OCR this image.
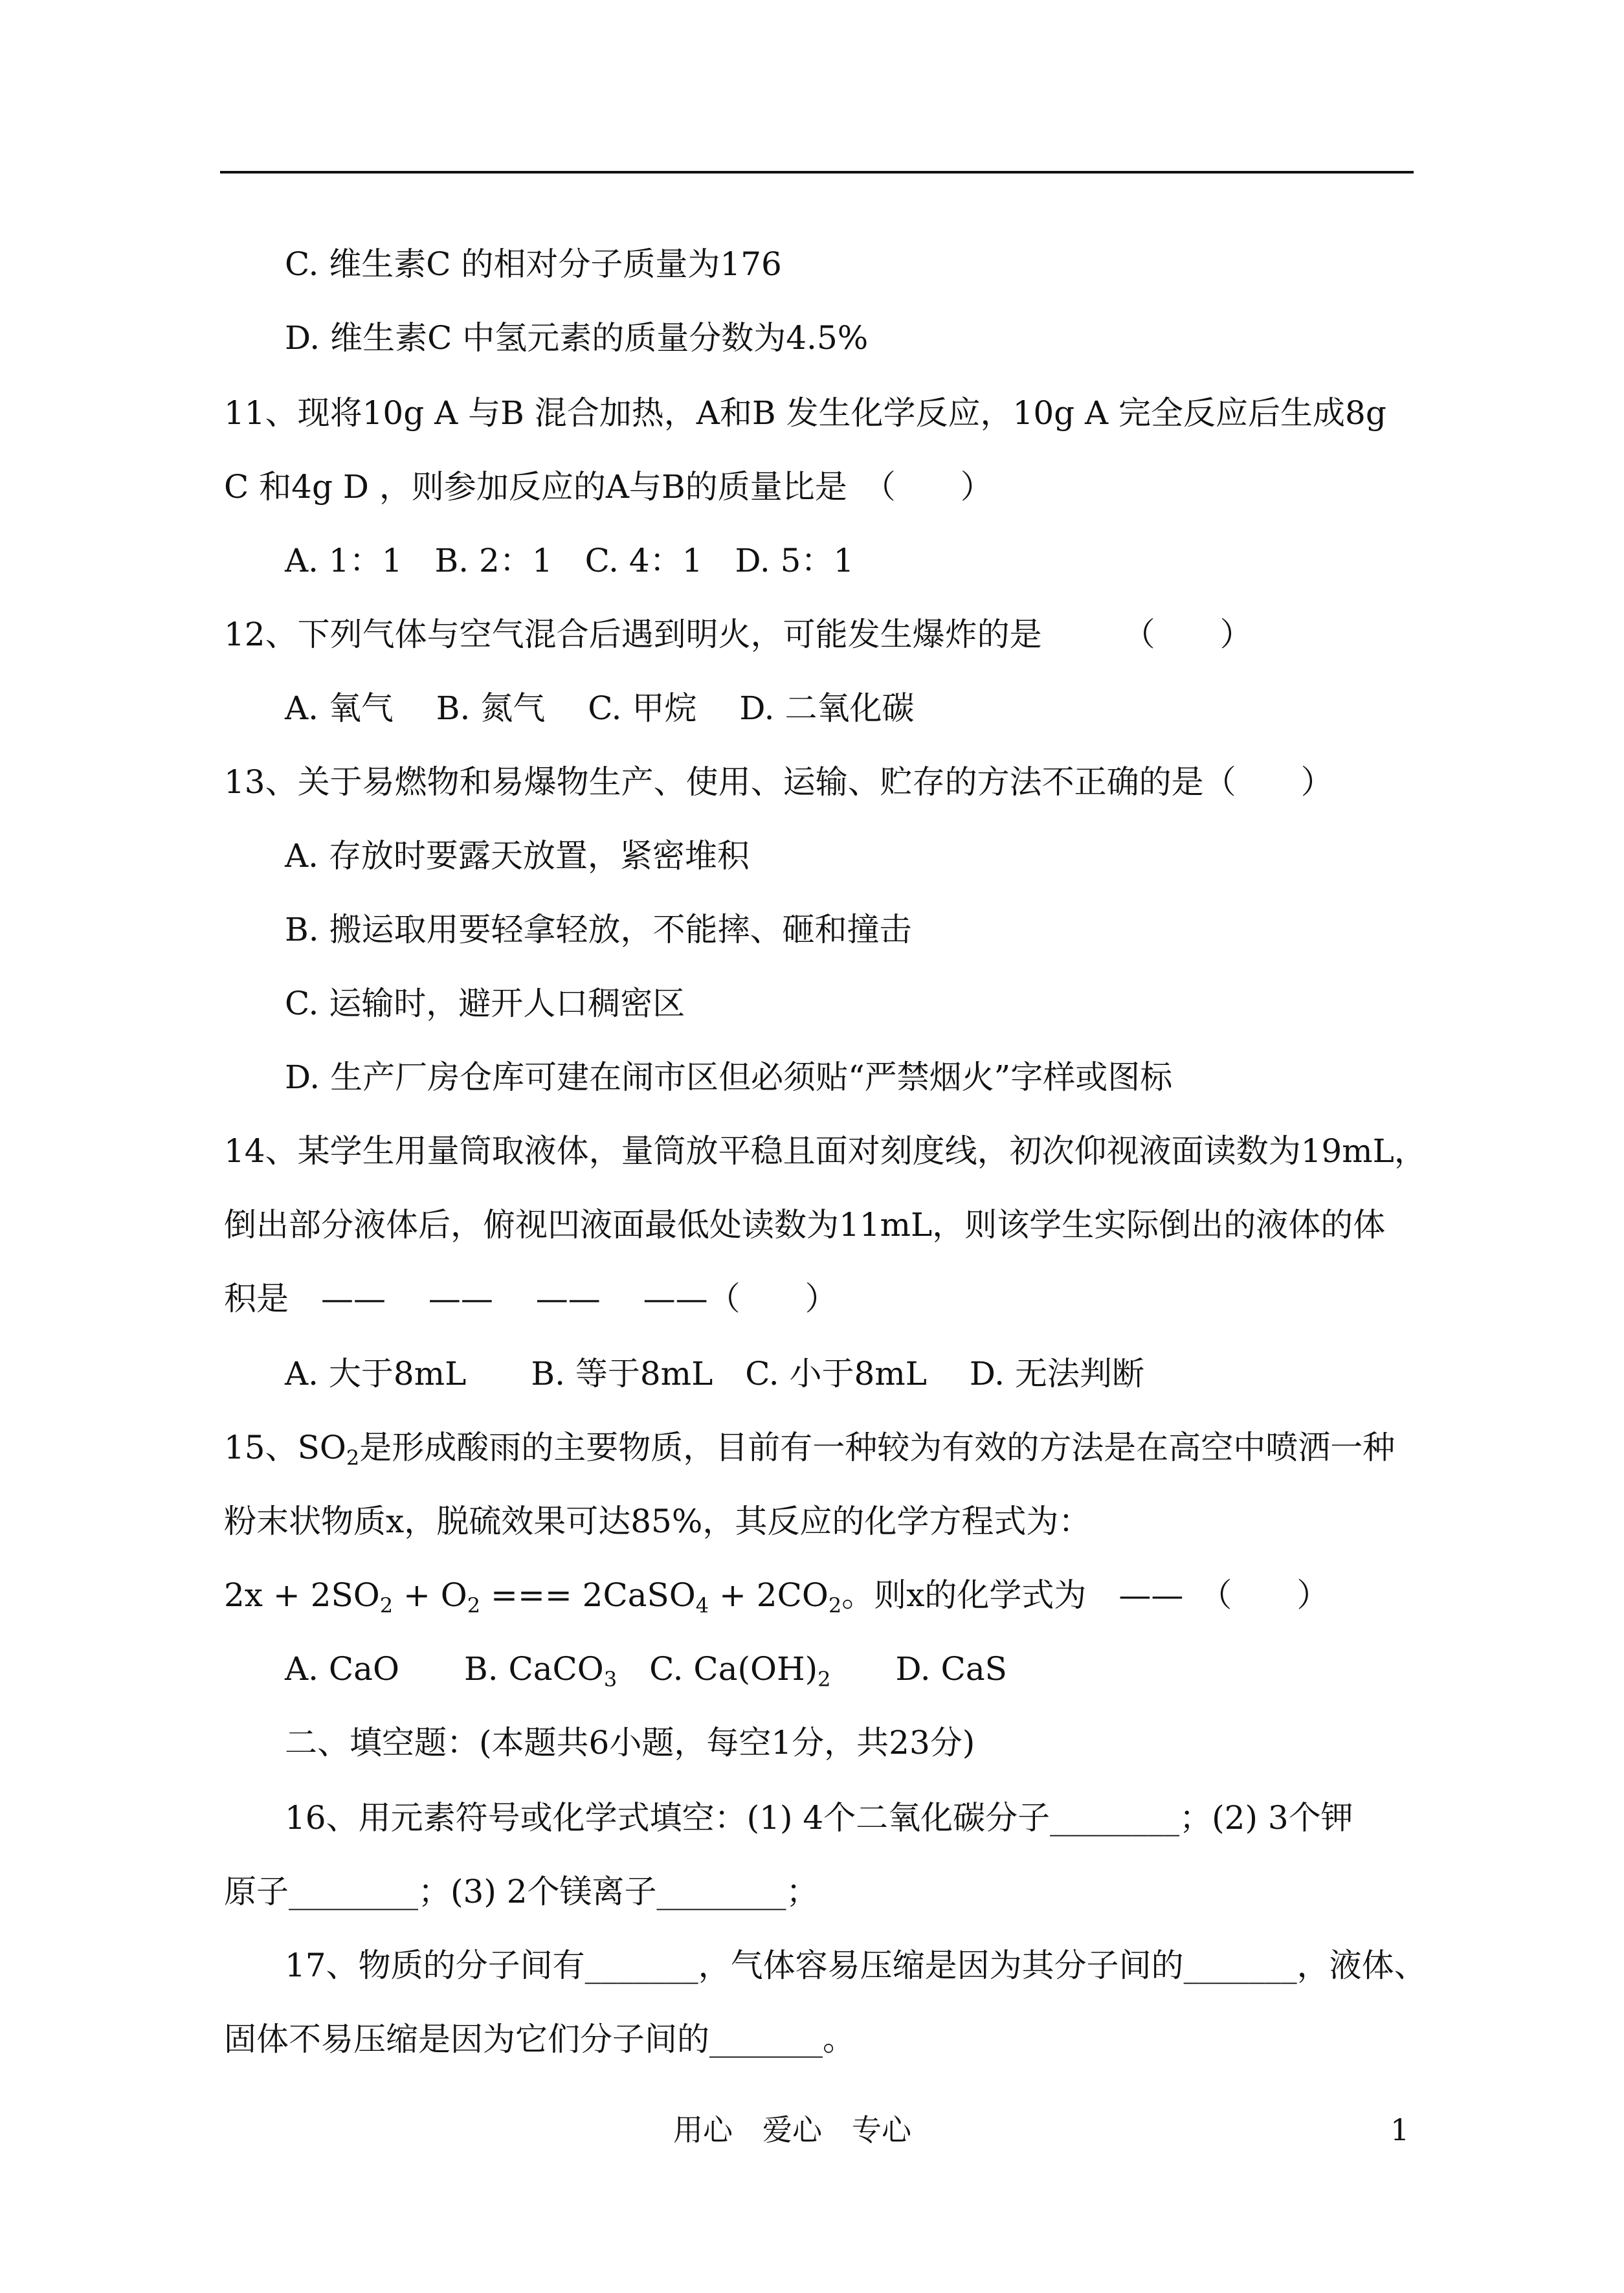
C. 维生素C 的相对分子质量为176
D. 维生素C 中氢元素的质量分数为4.5%
11、现将10g A 与B 混合加热，A和B 发生化学反应，10g A 完全反应后生成8g
C 和4g D ，则参加反应的A与B的质量比是　（　　）
A. 1：1　B. 2：1　C. 4：1　D. 5：1
12、下列气体与空气混合后遇到明火，可能发生爆炸的是　　　（　　）
A. 氧气　 B. 氮气　 C. 甲烷　 D. 二氧化碳
13、关于易燃物和易爆物生产、使用、运输、贮存的方法不正确的是（　　）
A. 存放时要露天放置，紧密堆积
B. 搬运取用要轻拿轻放，不能摔、砸和撞击
C. 运输时，避开人口稠密区
D. 生产厂房仓库可建在闹市区但必须贴“严禁烟火”字样或图标
14、某学生用量筒取液体，量筒放平稳且面对刻度线，初次仰视液面读数为19mL，
倒出部分液体后，俯视凹液面最低处读数为11mL，则该学生实际倒出的液体的体
积是　——　 ——　 ——　 ——（　　）
A. 大于8mL　　B. 等于8mL　C. 小于8mL　 D. 无法判断
15、$SO_2$是形成酸雨的主要物质，目前有一种较为有效的方法是在高空中喷洒一种
粉末状物质x，脱硫效果可达85%，其反应的化学方程式为：
$2x + 2SO_2 + O_2$ === 2CaSO$_4$ + $2CO_2$。则x的化学式为　——　（　　）
A. CaO　　B. CaCO$_3$　C. $Ca(OH)_2$　　D. CaS
二、填空题：(本题共6小题，每空1分，共23分)
16、用元素符号或化学式填空：(1) 4个二氧化碳分子________；(2) 3个钾
原子________；(3) 2个镁离子________；
17、物质的分子间有_______，气体容易压缩是因为其分子间的_______，液体、
固体不易压缩是因为它们分子间的_______。
用心　爱心　专心	1
